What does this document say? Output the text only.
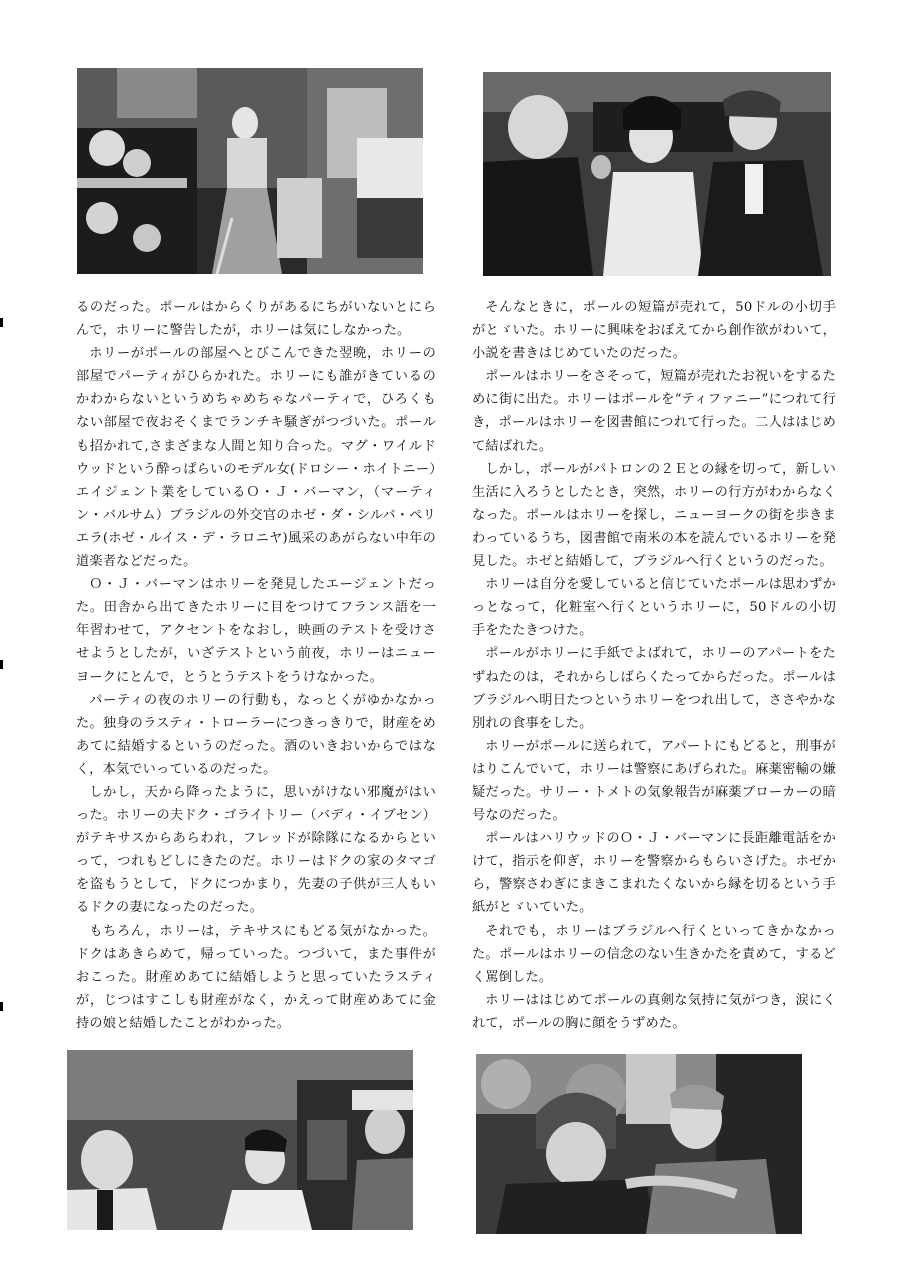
るのだった。ポールはからくりがあるにちがいないとにらんで，ホリーに警告したが，ホリーは気にしなかった。

ホリーがポールの部屋へとびこんできた翌晩，ホリーの部屋でパーティがひらかれた。ホリーにも誰がきているのかわからないというめちゃめちゃなパーティで，ひろくもない部屋で夜おそくまでランチキ騒ぎがつづいた。ポールも招かれて,さまざまな人間と知り合った。マグ・ワイルドウッドという酔っぱらいのモデル女(ドロシー・ホイトニー）エイジェント業をしているＯ・Ｊ・バーマン，（マーティン・バルサム）ブラジルの外交官のホゼ・ダ・シルバ・ペリエラ(ホゼ・ルイス・デ・ラロニヤ)風采のあがらない中年の道楽者などだった。

Ｏ・Ｊ・バーマンはホリーを発見したエージェントだった。田舎から出てきたホリーに目をつけてフランス語を一年習わせて，アクセントをなおし，映画のテストを受けさせようとしたが，いざテストという前夜，ホリーはニューヨークにとんで，とうとうテストをうけなかった。

パーティの夜のホリーの行動も，なっとくがゆかなかった。独身のラスティ・トローラーにつきっきりで，財産をめあてに結婚するというのだった。酒のいきおいからではなく，本気でいっているのだった。

しかし，天から降ったように，思いがけない邪魔がはいった。ホリーの夫ドク・ゴライトリー（バディ・イブセン）がテキサスからあらわれ，フレッドが除隊になるからといって，つれもどしにきたのだ。ホリーはドクの家のタマゴを盗もうとして，ドクにつかまり，先妻の子供が三人もいるドクの妻になったのだった。

もちろん，ホリーは，テキサスにもどる気がなかった。ドクはあきらめて，帰っていった。つづいて，また事件がおこった。財産めあてに結婚しようと思っていたラスティが，じつはすこしも財産がなく，かえって財産めあてに金持の娘と結婚したことがわかった。

そんなときに，ポールの短篇が売れて，50ドルの小切手がとゞいた。ホリーに興味をおぼえてから創作欲がわいて，小説を書きはじめていたのだった。

ポールはホリーをさそって，短篇が売れたお祝いをするために街に出た。ホリーはポールを“ティファニー”につれて行き，ポールはホリーを図書館につれて行った。二人ははじめて結ばれた。

しかし，ポールがパトロンの２Ｅとの縁を切って，新しい生活に入ろうとしたとき，突然，ホリーの行方がわからなくなった。ポールはホリーを探し，ニューヨークの街を歩きまわっているうち，図書館で南米の本を読んでいるホリーを発見した。ホゼと結婚して，ブラジルへ行くというのだった。

ホリーは自分を愛していると信じていたポールは思わずかっとなって，化粧室へ行くというホリーに，50ドルの小切手をたたきつけた。

ポールがホリーに手紙でよばれて，ホリーのアパートをたずねたのは，それからしばらくたってからだった。ポールはブラジルへ明日たつというホリーをつれ出して，ささやかな別れの食事をした。

ホリーがポールに送られて，アパートにもどると，刑事がはりこんでいて，ホリーは警察にあげられた。麻薬密輸の嫌疑だった。サリー・トメトの気象報告が麻薬ブローカーの暗号なのだった。

ポールはハリウッドのＯ・Ｊ・バーマンに長距離電話をかけて，指示を仰ぎ，ホリーを警察からもらいさげた。ホゼから，警察さわぎにまきこまれたくないから縁を切るという手紙がとゞいていた。

それでも，ホリーはブラジルへ行くといってきかなかった。ポールはホリーの信念のない生きかたを責めて，するどく罵倒した。

ホリーははじめてポールの真剣な気持に気がつき，涙にくれて，ポールの胸に顔をうずめた。
